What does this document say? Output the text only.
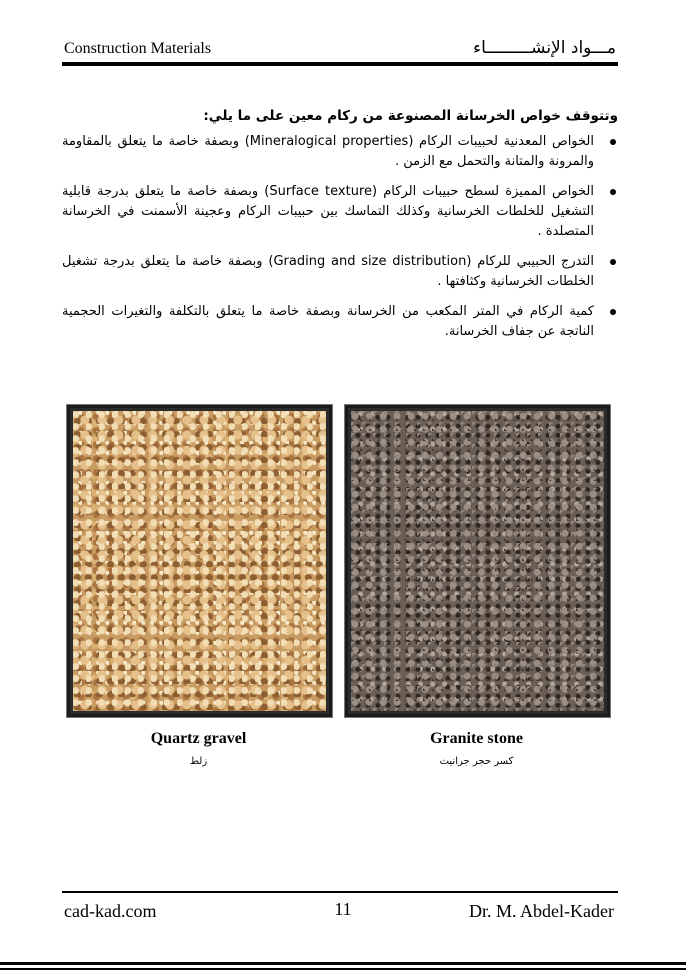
Construction Materials	مـــواد الإنشـــــــــاء

وتتوقف خواص الخرسانة المصنوعة من ركام معين على ما يلي:

الخواص المعدنية لحبيبات الركام (Mineralogical properties) وبصفة خاصة ما يتعلق بالمقاومة والمرونة والمتانة والتحمل مع الزمن .
الخواص المميزة لسطح حبيبات الركام (Surface texture) وبصفة خاصة ما يتعلق بدرجة قابلية التشغيل للخلطات الخرسانية وكذلك التماسك بين حبيبات الركام وعجينة الأسمنت في الخرسانة المتصلدة .
التدرج الحبيبي للركام (Grading and size distribution) وبصفة خاصة ما يتعلق بدرجة تشغيل الخلطات الخرسانية وكثافتها .
كمية الركام في المتر المكعب من الخرسانة وبصفة خاصة ما يتعلق بالتكلفة والتغيرات الحجمية الناتجة عن جفاف الخرسانة.
Quartz gravel
زلط
Granite stone
كسر حجر جرانيت
cad-kad.com	11	Dr. M. Abdel-Kader
